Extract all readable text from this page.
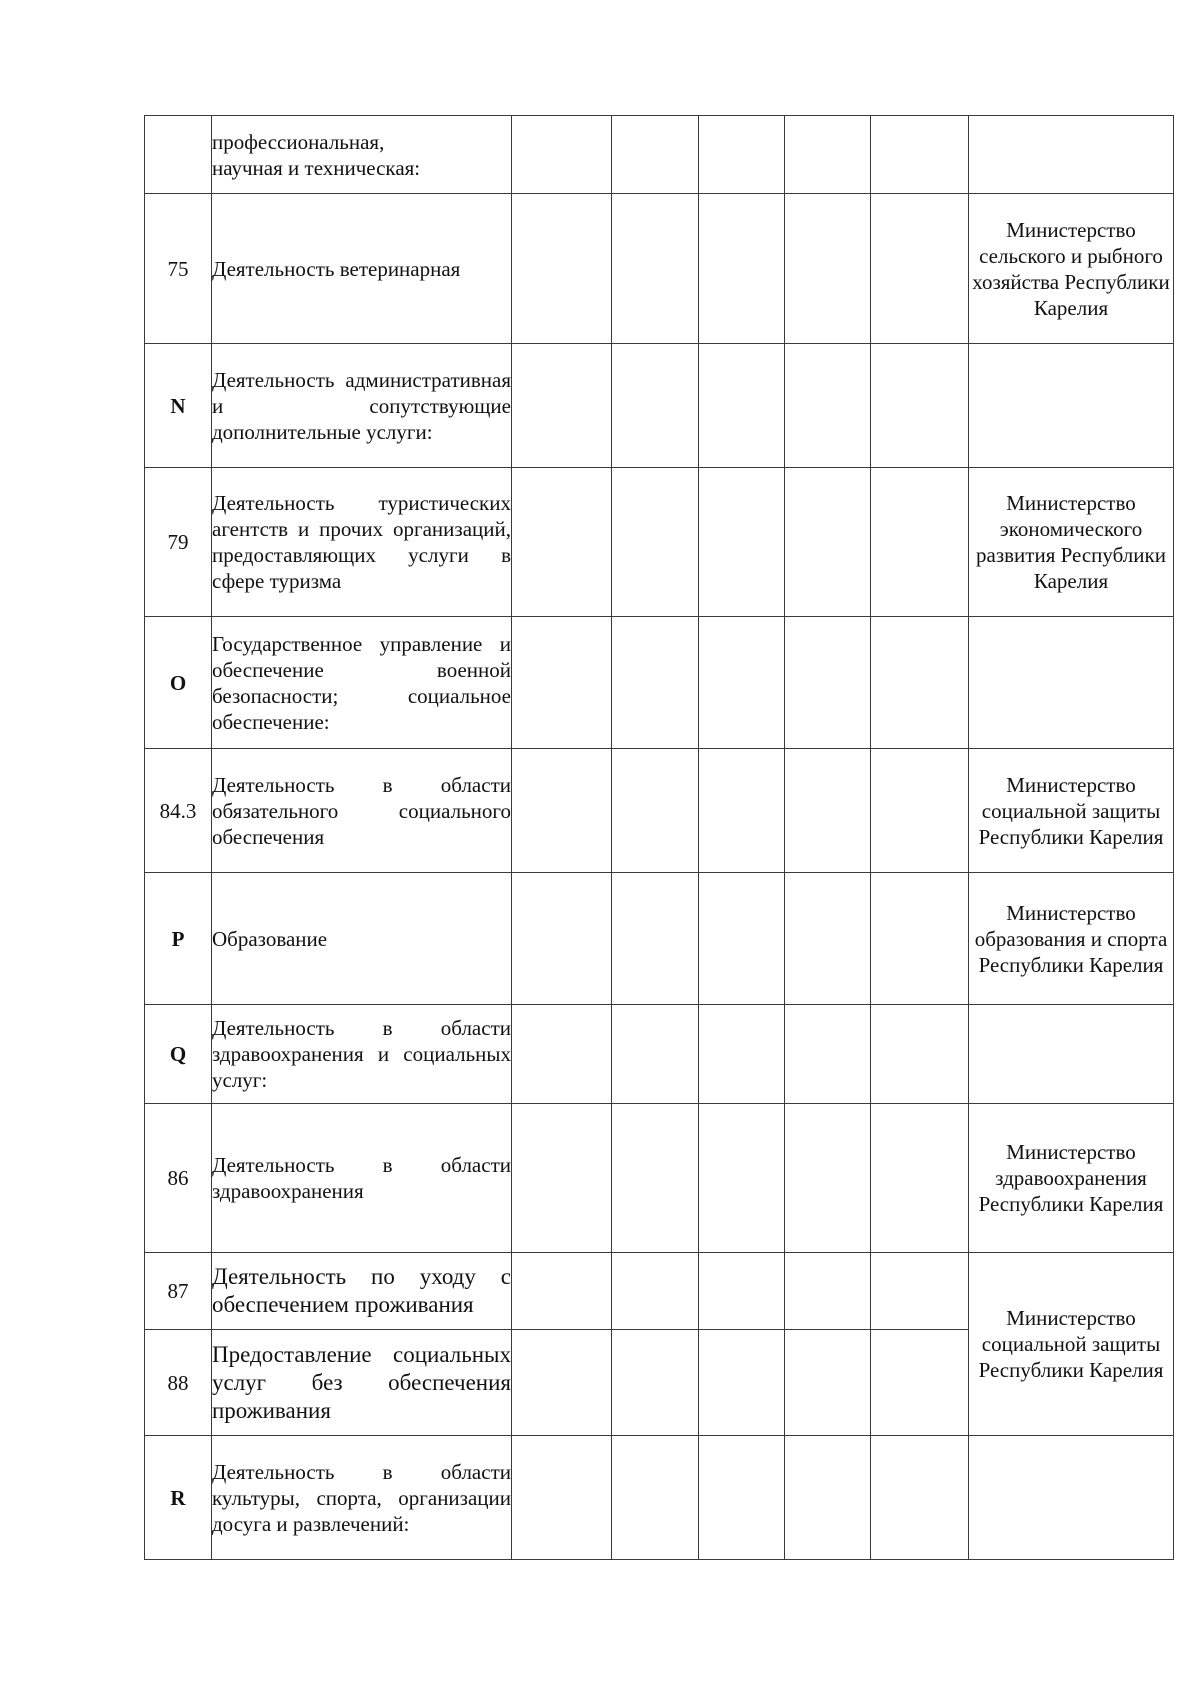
	профессиональная, научная и техническая:						

75	Деятельность ветеринарная						Министерство сельского и рыбного хозяйства Республики Карелия
N	Деятельность административная и сопутствующие дополнительные услуги:						

79	Деятельность туристических агентств и прочих организаций, предоставляющих услуги в сфере туризма						Министерство экономического развития Республики Карелия
O	Государственное управление и обеспечение военной безопасности; социальное обеспечение:						

84.3	Деятельность в области обязательного социального обеспечения						Министерство социальной защиты Республики Карелия
P	Образование						Министерство образования и спорта Республики Карелия
Q	Деятельность в области здравоохранения и социальных услуг:						

86	Деятельность в области здравоохранения						Министерство здравоохранения Республики Карелия
87	Деятельность по уходу с обеспечением проживания						Министерство социальной защиты Республики Карелия
88	Предоставление социальных услуг без обеспечения проживания						

R	Деятельность в области культуры, спорта, организации досуга и развлечений:						
